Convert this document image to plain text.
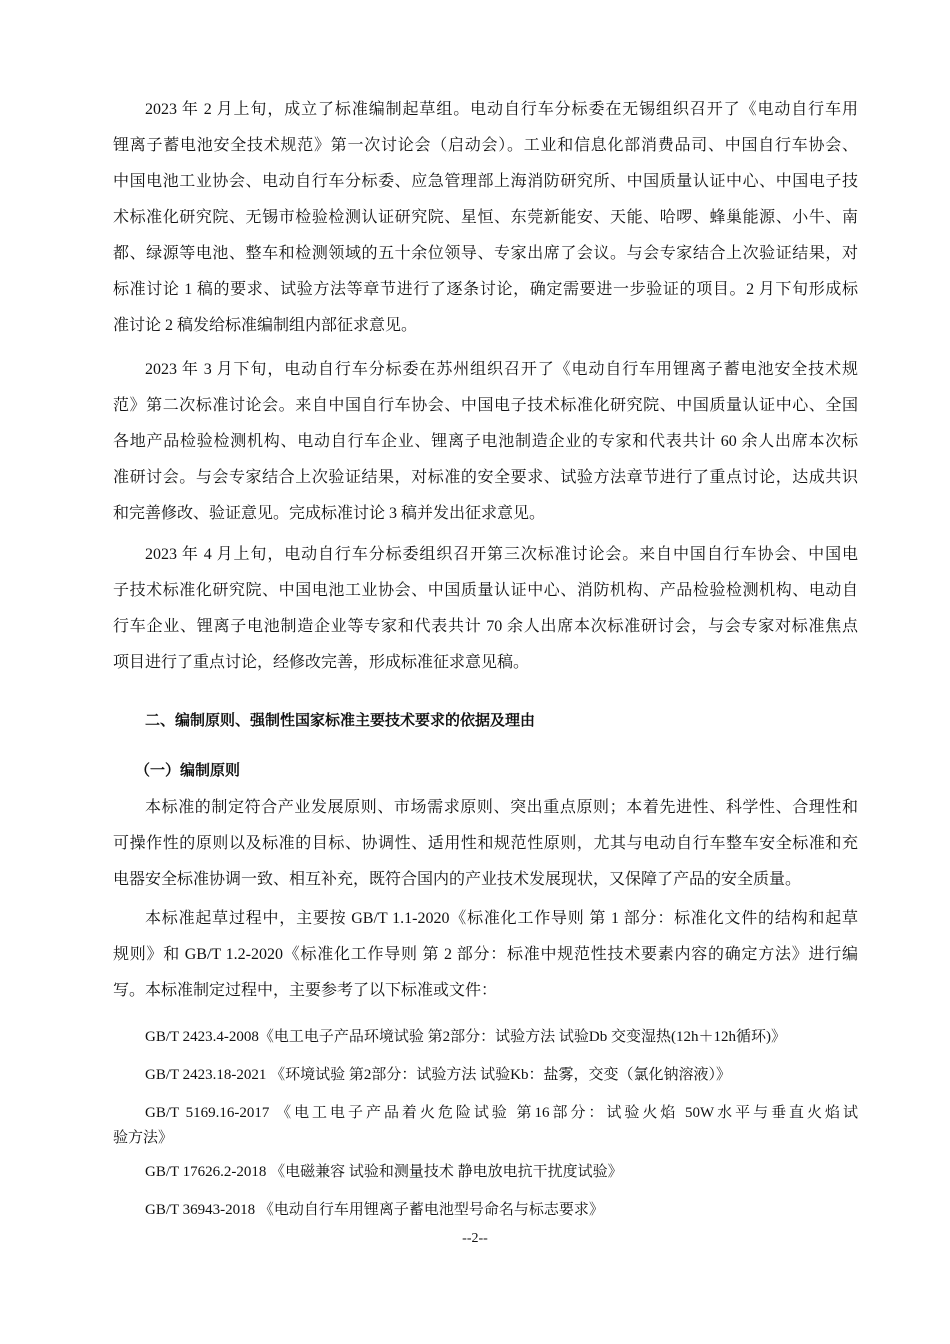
2023 年 2 月上旬，成立了标准编制起草组。电动自行车分标委在无锡组织召开了《电动自行车用
锂离子蓄电池安全技术规范》第一次讨论会（启动会）。工业和信息化部消费品司、中国自行车协会、
中国电池工业协会、电动自行车分标委、应急管理部上海消防研究所、中国质量认证中心、中国电子技
术标准化研究院、无锡市检验检测认证研究院、星恒、东莞新能安、天能、哈啰、蜂巢能源、小牛、南
都、绿源等电池、整车和检测领域的五十余位领导、专家出席了会议。与会专家结合上次验证结果，对
标准讨论 1 稿的要求、试验方法等章节进行了逐条讨论，确定需要进一步验证的项目。2 月下旬形成标
准讨论 2 稿发给标准编制组内部征求意见。
2023 年 3 月下旬，电动自行车分标委在苏州组织召开了《电动自行车用锂离子蓄电池安全技术规
范》第二次标准讨论会。来自中国自行车协会、中国电子技术标准化研究院、中国质量认证中心、全国
各地产品检验检测机构、电动自行车企业、锂离子电池制造企业的专家和代表共计 60 余人出席本次标
准研讨会。与会专家结合上次验证结果，对标准的安全要求、试验方法章节进行了重点讨论，达成共识
和完善修改、验证意见。完成标准讨论 3 稿并发出征求意见。
2023 年 4 月上旬，电动自行车分标委组织召开第三次标准讨论会。来自中国自行车协会、中国电
子技术标准化研究院、中国电池工业协会、中国质量认证中心、消防机构、产品检验检测机构、电动自
行车企业、锂离子电池制造企业等专家和代表共计 70 余人出席本次标准研讨会，与会专家对标准焦点
项目进行了重点讨论，经修改完善，形成标准征求意见稿。
二、编制原则、强制性国家标准主要技术要求的依据及理由
（一）编制原则
本标准的制定符合产业发展原则、市场需求原则、突出重点原则；本着先进性、科学性、合理性和
可操作性的原则以及标准的目标、协调性、适用性和规范性原则，尤其与电动自行车整车安全标准和充
电器安全标准协调一致、相互补充，既符合国内的产业技术发展现状，又保障了产品的安全质量。
本标准起草过程中，主要按 GB/T 1.1-2020《标准化工作导则 第 1 部分：标准化文件的结构和起草
规则》和 GB/T 1.2-2020《标准化工作导则 第 2 部分：标准中规范性技术要素内容的确定方法》进行编
写。本标准制定过程中，主要参考了以下标准或文件：
GB/T 2423.4-2008《电工电子产品环境试验 第2部分：试验方法 试验Db 交变湿热(12h＋12h循环)》
GB/T 2423.18-2021 《环境试验 第2部分：试验方法 试验Kb：盐雾，交变（氯化钠溶液）》
GB/T 5169.16-2017 《电工电子产品着火危险试验 第16部分：试验火焰 50W水平与垂直火焰试
验方法》
GB/T 17626.2-2018 《电磁兼容 试验和测量技术 静电放电抗干扰度试验》
GB/T 36943-2018 《电动自行车用锂离子蓄电池型号命名与标志要求》
--2--
